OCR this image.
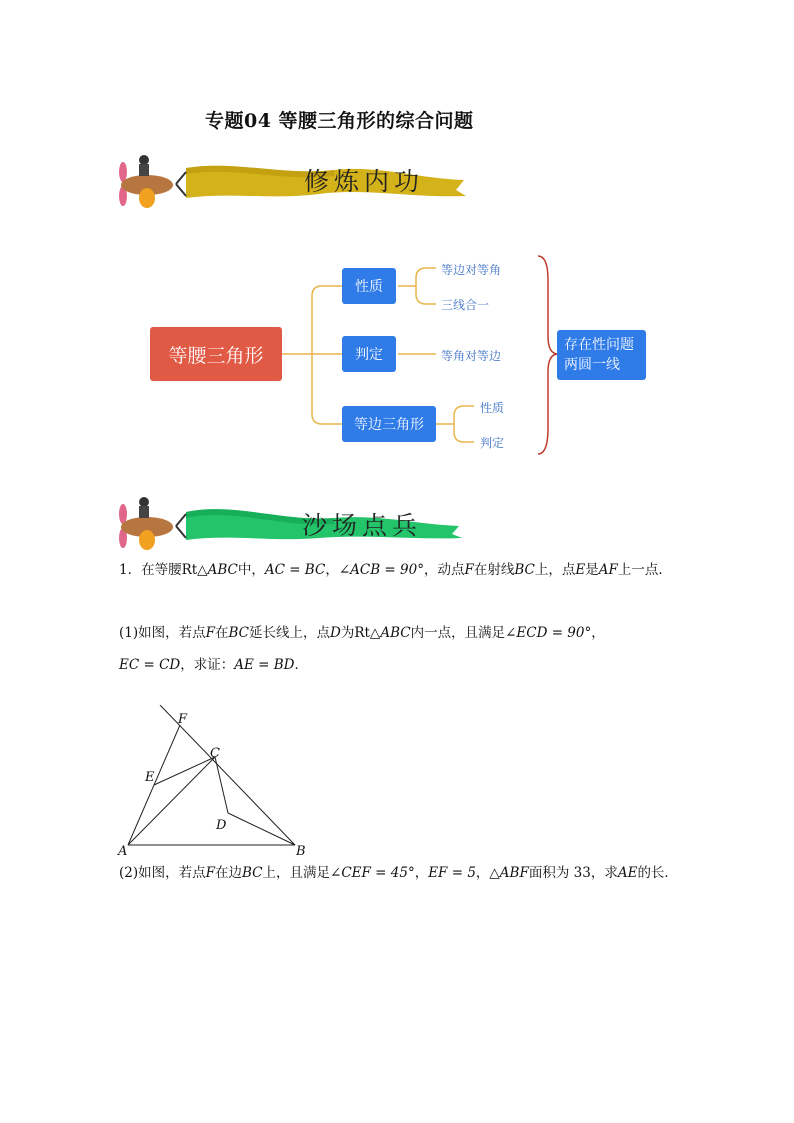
专题04 等腰三角形的综合问题
修炼内功
等腰三角形
性质
判定
等边三角形
等边对等角
三线合一
等角对等边
性质
判定
存在性问题
两圆一线
沙场点兵

1．在等腰Rt△ABC中，AC = BC，∠ACB = 90°，动点F在射线BC上，点E是AF上一点．

(1)如图，若点F在BC延长线上，点D为Rt△ABC内一点，且满足∠ECD = 90°，

EC = CD，求证：AE = BD．

F
C
E
D
A	B

(2)如图，若点F在边BC上，且满足∠CEF = 45°，EF = 5，△ABF面积为 33，求AE的长．
